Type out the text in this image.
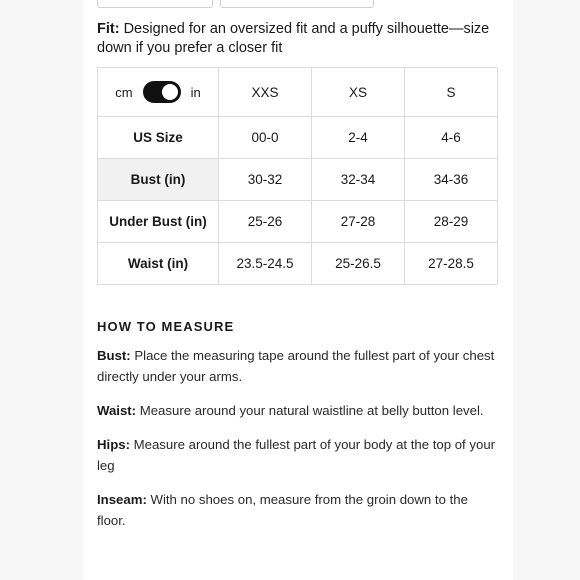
Fit: Designed for an oversized fit and a puffy silhouette—size down if you prefer a closer fit
cm in	XXS	XS	S
US Size	00-0	2-4	4-6
Bust (in)	30-32	32-34	34-36
Under Bust (in)	25-26	27-28	28-29
Waist (in)	23.5-24.5	25-26.5	27-28.5
HOW TO MEASURE

Bust: Place the measuring tape around the fullest part of your chest directly under your arms.

Waist: Measure around your natural waistline at belly button level.

Hips: Measure around the fullest part of your body at the top of your leg

Inseam: With no shoes on, measure from the groin down to the floor.
